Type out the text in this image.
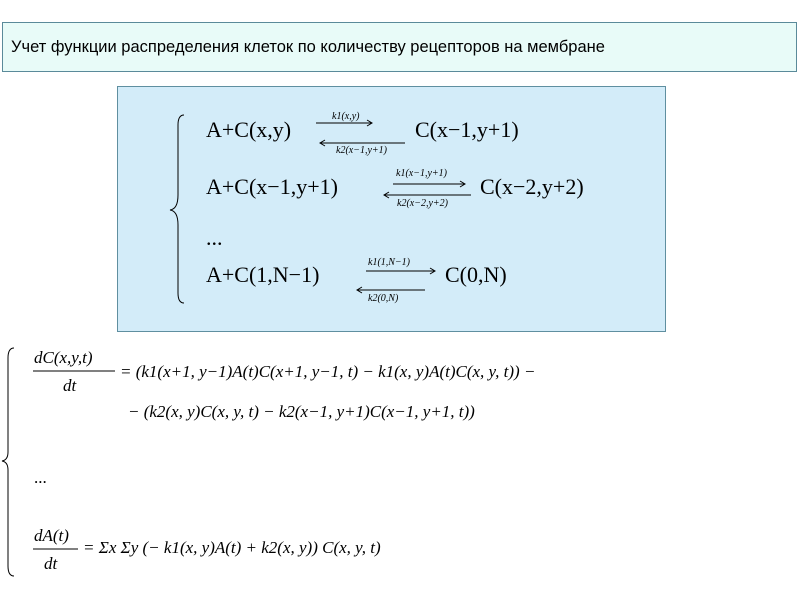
Учет функции распределения клеток по количеству рецепторов на мембране
A+C(x,y)
k1(x,y)
k2(x−1,y+1)
C(x−1,y+1)
A+C(x−1,y+1)
k1(x−1,y+1)
k2(x−2,y+2)
C(x−2,y+2)
...
A+C(1,N−1)	k1(1,N−1)
k2(0,N)
C(0,N)
dC(x,y,t)
dt
= (k1(x+1, y−1)A(t)C(x+1, y−1, t) − k1(x, y)A(t)C(x, y, t)) −
− (k2(x, y)C(x, y, t) − k2(x−1, y+1)C(x−1, y+1, t))
...
dA(t)
dt
= Σx Σy (− k1(x, y)A(t) + k2(x, y)) C(x, y, t)
